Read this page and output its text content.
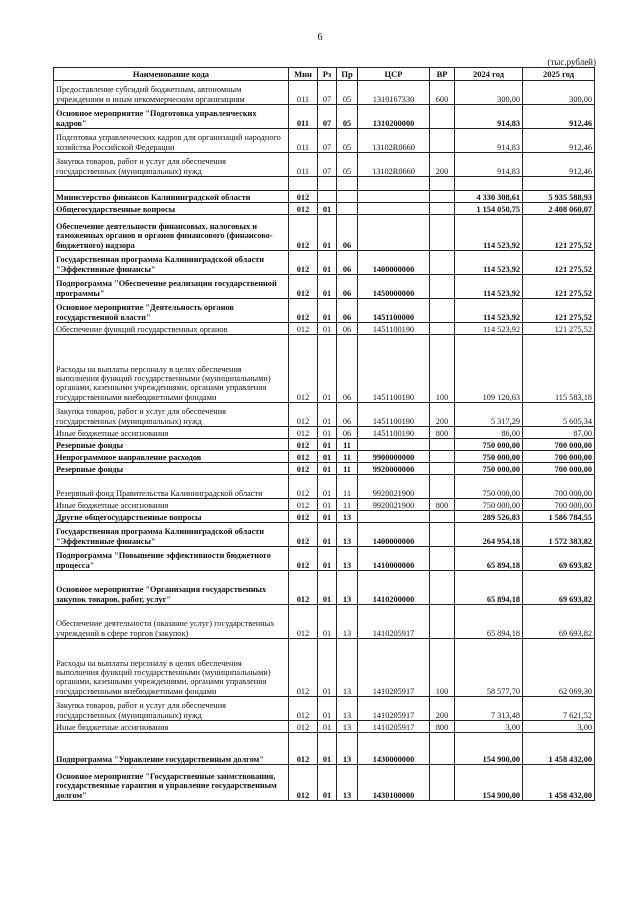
6
(тыс.рублей)
Наименование кода	Мин	Рз	Пр	ЦСР	ВР	2024 год	2025 год
Предоставление субсидий бюджетным, автономным учреждениям и иным некоммерческим организациям	011	07	05	1310167330	600	300,00	300,00
Основное мероприятие "Подготовка управленческих кадров"	011	07	05	1310200000		914,83	912,46
Подготовка управленческих кадров для организаций народного хозяйства Российской Федерации	011	07	05	13102R0660		914,83	912,46
Закупка товаров, работ и услуг для обеспечения государственных (муниципальных) нужд	011	07	05	13102R0660	200	914,83	912,46

Министерство финансов Калининградской области	012					4 330 308,61	5 935 588,93
Общегосударственные вопросы	012	01				1 154 050,75	2 408 060,07
Обеспечение деятельности финансовых, налоговых и таможенных органов и органов финансового (финансово-бюджетного) надзора	012	01	06			114 523,92	121 275,52
Государственная программа Калининградской области "Эффективные финансы"	012	01	06	1400000000		114 523,92	121 275,52
Подпрограмма "Обеспечение реализации государственной программы"	012	01	06	1450000000		114 523,92	121 275,52
Основное мероприятие "Деятельность органов государственной власти"	012	01	06	1451100000		114 523,92	121 275,52
Обеспечение функций государственных органов	012	01	06	1451100190		114 523,92	121 275,52
Расходы на выплаты персоналу в целях обеспечения выполнения функций государственными (муниципальными) органами, казенными учреждениями, органами управления государственными внебюджетными фондами	012	01	06	1451100190	100	109 120,63	115 583,18
Закупка товаров, работ и услуг для обеспечения государственных (муниципальных) нужд	012	01	06	1451100190	200	5 317,29	5 605,34
Иные бюджетные ассигнования	012	01	06	1451100190	800	86,00	87,00
Резервные фонды	012	01	11			750 000,00	700 000,00
Непрограммное направление расходов	012	01	11	9900000000		750 000,00	700 000,00
Резервные фонды	012	01	11	9920000000		750 000,00	700 000,00
Резервный фонд Правительства Калининградской области	012	01	11	9920021900		750 000,00	700 000,00
Иные бюджетные ассигнования	012	01	11	9920021900	800	750 000,00	700 000,00
Другие общегосударственные вопросы	012	01	13			289 526,83	1 586 784,55
Государственная программа Калининградской области "Эффективные финансы"	012	01	13	1400000000		264 954,18	1 572 383,82
Подпрограмма "Повышение эффективности бюджетного процесса"	012	01	13	1410000000		65 894,18	69 693,82
Основное мероприятие "Организация государственных закупок товаров, работ, услуг"	012	01	13	1410200000		65 894,18	69 693,82
Обеспечение деятельности (оказание услуг) государственных учреждений в сфере торгов (закупок)	012	01	13	1410205917		65 894,18	69 693,82
Расходы на выплаты персоналу в целях обеспечения выполнения функций государственными (муниципальными) органами, казенными учреждениями, органами управления государственными внебюджетными фондами	012	01	13	1410205917	100	58 577,70	62 069,30
Закупка товаров, работ и услуг для обеспечения государственных (муниципальных) нужд	012	01	13	1410205917	200	7 313,48	7 621,52
Иные бюджетные ассигнования	012	01	13	1410205917	800	3,00	3,00
Подпрограмма "Управление государственным долгом"	012	01	13	1430000000		154 900,00	1 458 432,00
Основное мероприятие "Государственные заимствования, государственные гарантии и управление государственным долгом"	012	01	13	1430100000		154 900,00	1 458 432,00
